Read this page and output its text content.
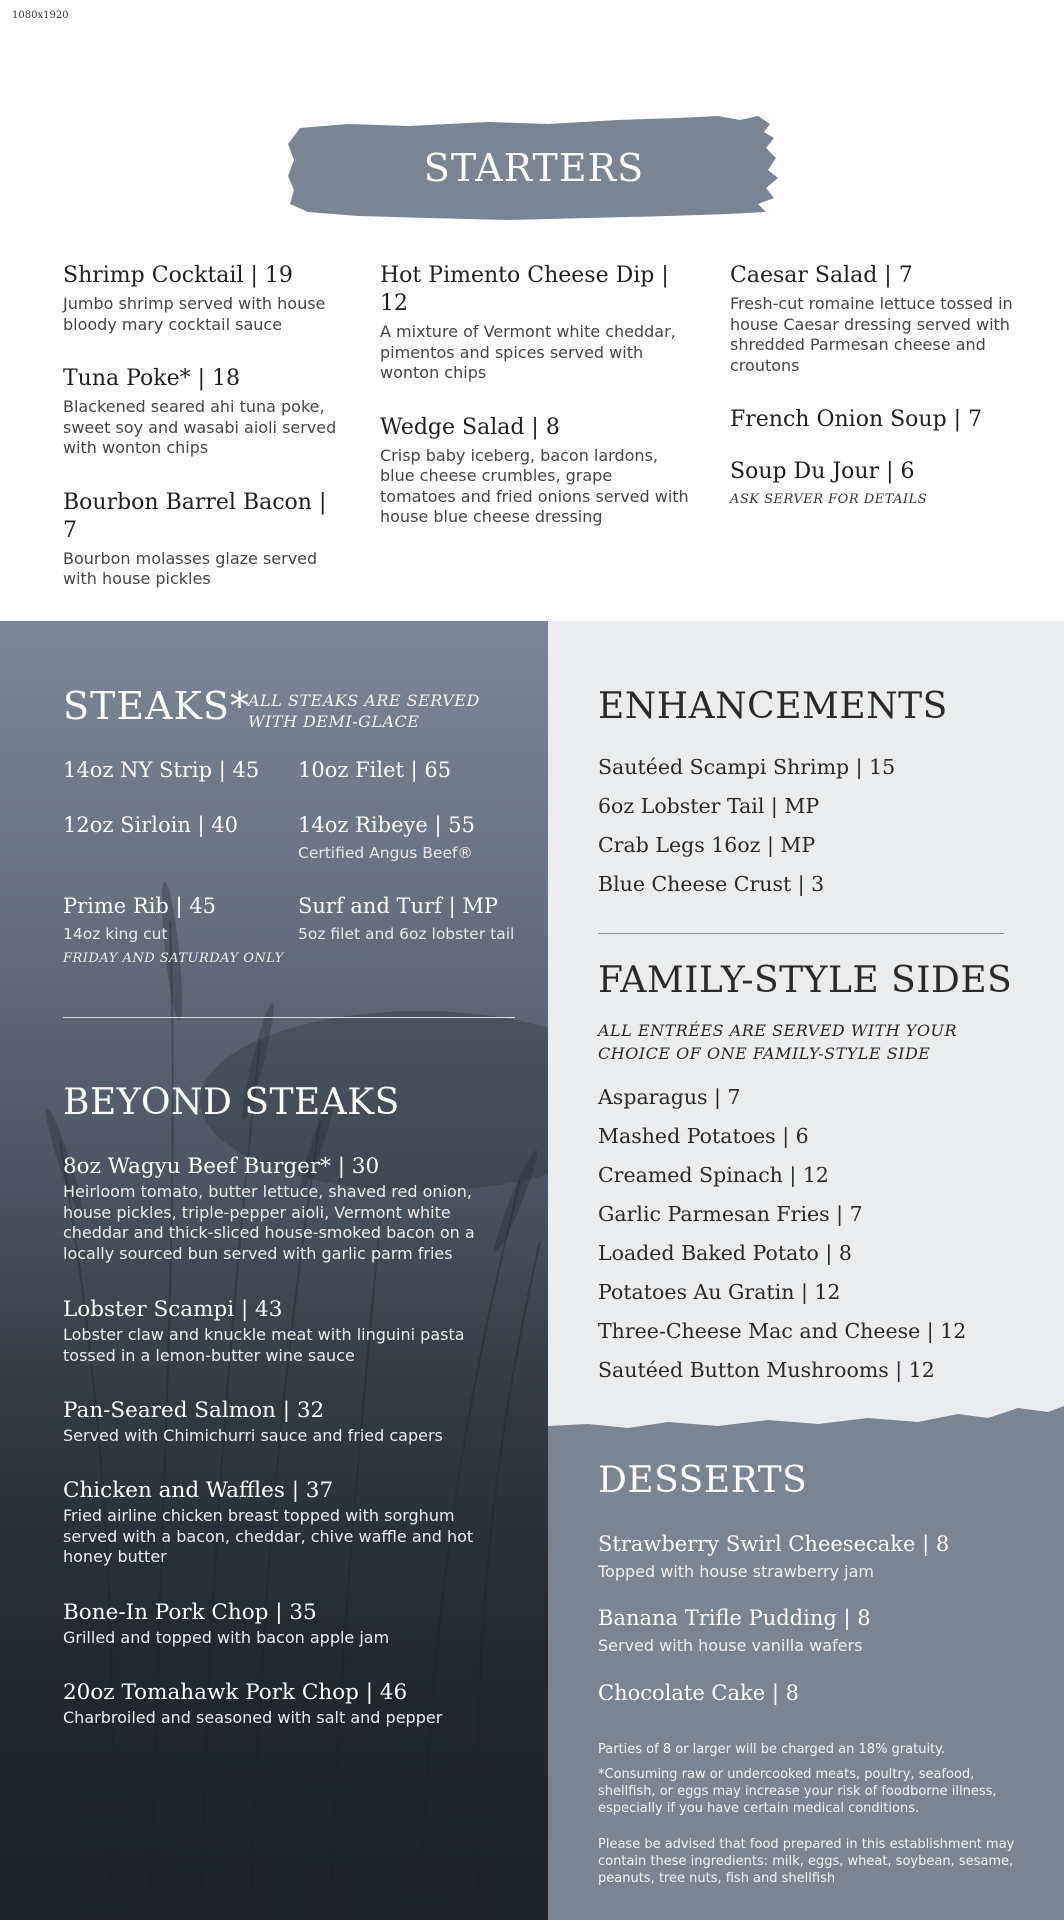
1080x1920
STARTERS
Shrimp Cocktail | 19
Jumbo shrimp served with house bloody mary cocktail sauce
Tuna Poke* | 18
Blackened seared ahi tuna poke, sweet soy and wasabi aioli served with wonton chips
Bourbon Barrel Bacon | 7
Bourbon molasses glaze served with house pickles
Hot Pimento Cheese Dip | 12
A mixture of Vermont white cheddar, pimentos and spices served with wonton chips
Wedge Salad | 8
Crisp baby iceberg, bacon lardons, blue cheese crumbles, grape tomatoes and fried onions served with house blue cheese dressing
Caesar Salad | 7
Fresh-cut romaine lettuce tossed in house Caesar dressing served with shredded Parmesan cheese and croutons
French Onion Soup | 7
Soup Du Jour | 6
ASK SERVER FOR DETAILS
STEAKS*
ALL STEAKS ARE SERVED WITH DEMI-GLACE
14oz NY Strip | 45 10oz Filet | 65
12oz Sirloin | 40	14oz Ribeye | 55
Certified Angus Beef®
Prime Rib | 45
14oz king cut
FRIDAY AND SATURDAY ONLY
Surf and Turf | MP
5oz filet and 6oz lobster tail
BEYOND STEAKS
8oz Wagyu Beef Burger* | 30
Heirloom tomato, butter lettuce, shaved red onion, house pickles, triple-pepper aioli, Vermont white cheddar and thick-sliced house-smoked bacon on a locally sourced bun served with garlic parm fries
Lobster Scampi | 43
Lobster claw and knuckle meat with linguini pasta tossed in a lemon-butter wine sauce
Pan-Seared Salmon | 32
Served with Chimichurri sauce and fried capers
Chicken and Waffles | 37
Fried airline chicken breast topped with sorghum served with a bacon, cheddar, chive waffle and hot honey butter
Bone-In Pork Chop | 35
Grilled and topped with bacon apple jam
20oz Tomahawk Pork Chop | 46
Charbroiled and seasoned with salt and pepper
ENHANCEMENTS
Sautéed Scampi Shrimp | 15
6oz Lobster Tail | MP
Crab Legs 16oz | MP
Blue Cheese Crust | 3
FAMILY-STYLE SIDES
ALL ENTRÉES ARE SERVED WITH YOUR CHOICE OF ONE FAMILY-STYLE SIDE
Asparagus | 7
Mashed Potatoes | 6
Creamed Spinach | 12
Garlic Parmesan Fries | 7
Loaded Baked Potato | 8
Potatoes Au Gratin | 12
Three-Cheese Mac and Cheese | 12
Sautéed Button Mushrooms | 12
DESSERTS
Strawberry Swirl Cheesecake | 8
Topped with house strawberry jam
Banana Trifle Pudding | 8
Served with house vanilla wafers
Chocolate Cake | 8
Parties of 8 or larger will be charged an 18% gratuity.
*Consuming raw or undercooked meats, poultry, seafood, shellfish, or eggs may increase your risk of foodborne illness, especially if you have certain medical conditions.
Please be advised that food prepared in this establishment may contain these ingredients: milk, eggs, wheat, soybean, sesame, peanuts, tree nuts, fish and shellfish
